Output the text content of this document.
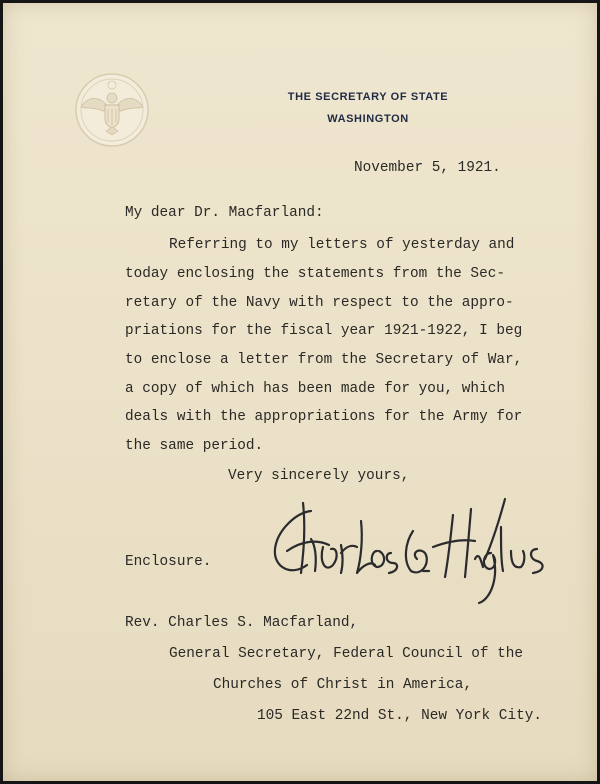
THE SECRETARY OF STATE
WASHINGTON
November 5, 1921.
My dear Dr. Macfarland:
Referring to my letters of yesterday and
today enclosing the statements from the Sec-
retary of the Navy with respect to the appro-
priations for the fiscal year 1921-1922, I beg
to enclose a letter from the Secretary of War,
a copy of which has been made for you, which
deals with the appropriations for the Army for
the same period.
Very sincerely yours,
Enclosure.
Rev. Charles S. Macfarland,
General Secretary, Federal Council of the
Churches of Christ in America,
105 East 22nd St., New York City.
